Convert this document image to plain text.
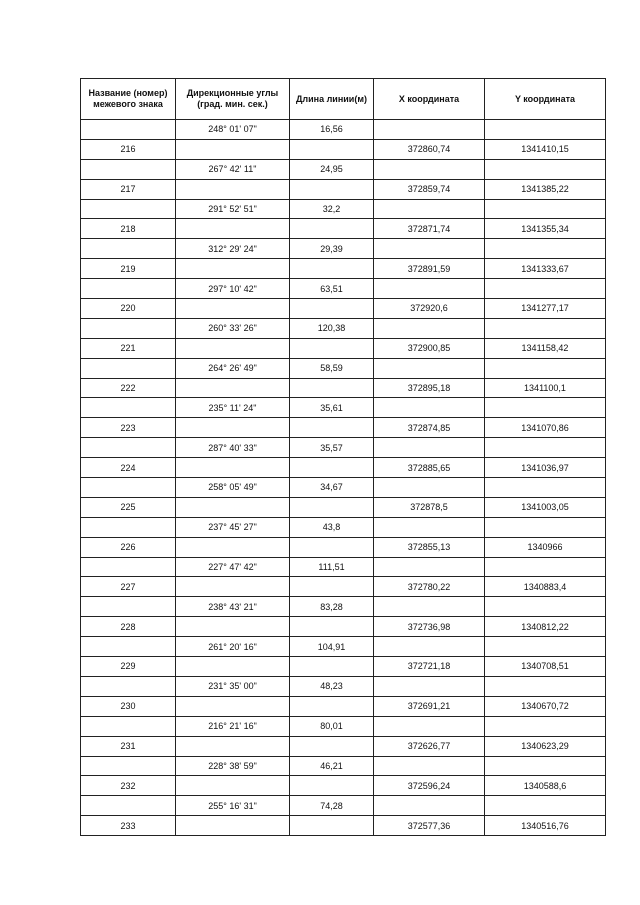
Название (номер) межевого знака	Дирекционные углы (град. мин. сек.)	Длина линии(м)	Х координата	Y координата
	248° 01' 07"	16,56		
216			372860,74	1341410,15
	267° 42' 11"	24,95		
217			372859,74	1341385,22
	291° 52' 51"	32,2		
218			372871,74	1341355,34
	312° 29' 24"	29,39		
219			372891,59	1341333,67
	297° 10' 42"	63,51		
220			372920,6	1341277,17
	260° 33' 26"	120,38		
221			372900,85	1341158,42
	264° 26' 49"	58,59		
222			372895,18	1341100,1
	235° 11' 24"	35,61		
223			372874,85	1341070,86
	287° 40' 33"	35,57		
224			372885,65	1341036,97
	258° 05' 49"	34,67		
225			372878,5	1341003,05
	237° 45' 27"	43,8		
226			372855,13	1340966
	227° 47' 42"	111,51		
227			372780,22	1340883,4
	238° 43' 21"	83,28		
228			372736,98	1340812,22
	261° 20' 16"	104,91		
229			372721,18	1340708,51
	231° 35' 00"	48,23		
230			372691,21	1340670,72
	216° 21' 16"	80,01		
231			372626,77	1340623,29
	228° 38' 59"	46,21		
232			372596,24	1340588,6
	255° 16' 31"	74,28		
233			372577,36	1340516,76
